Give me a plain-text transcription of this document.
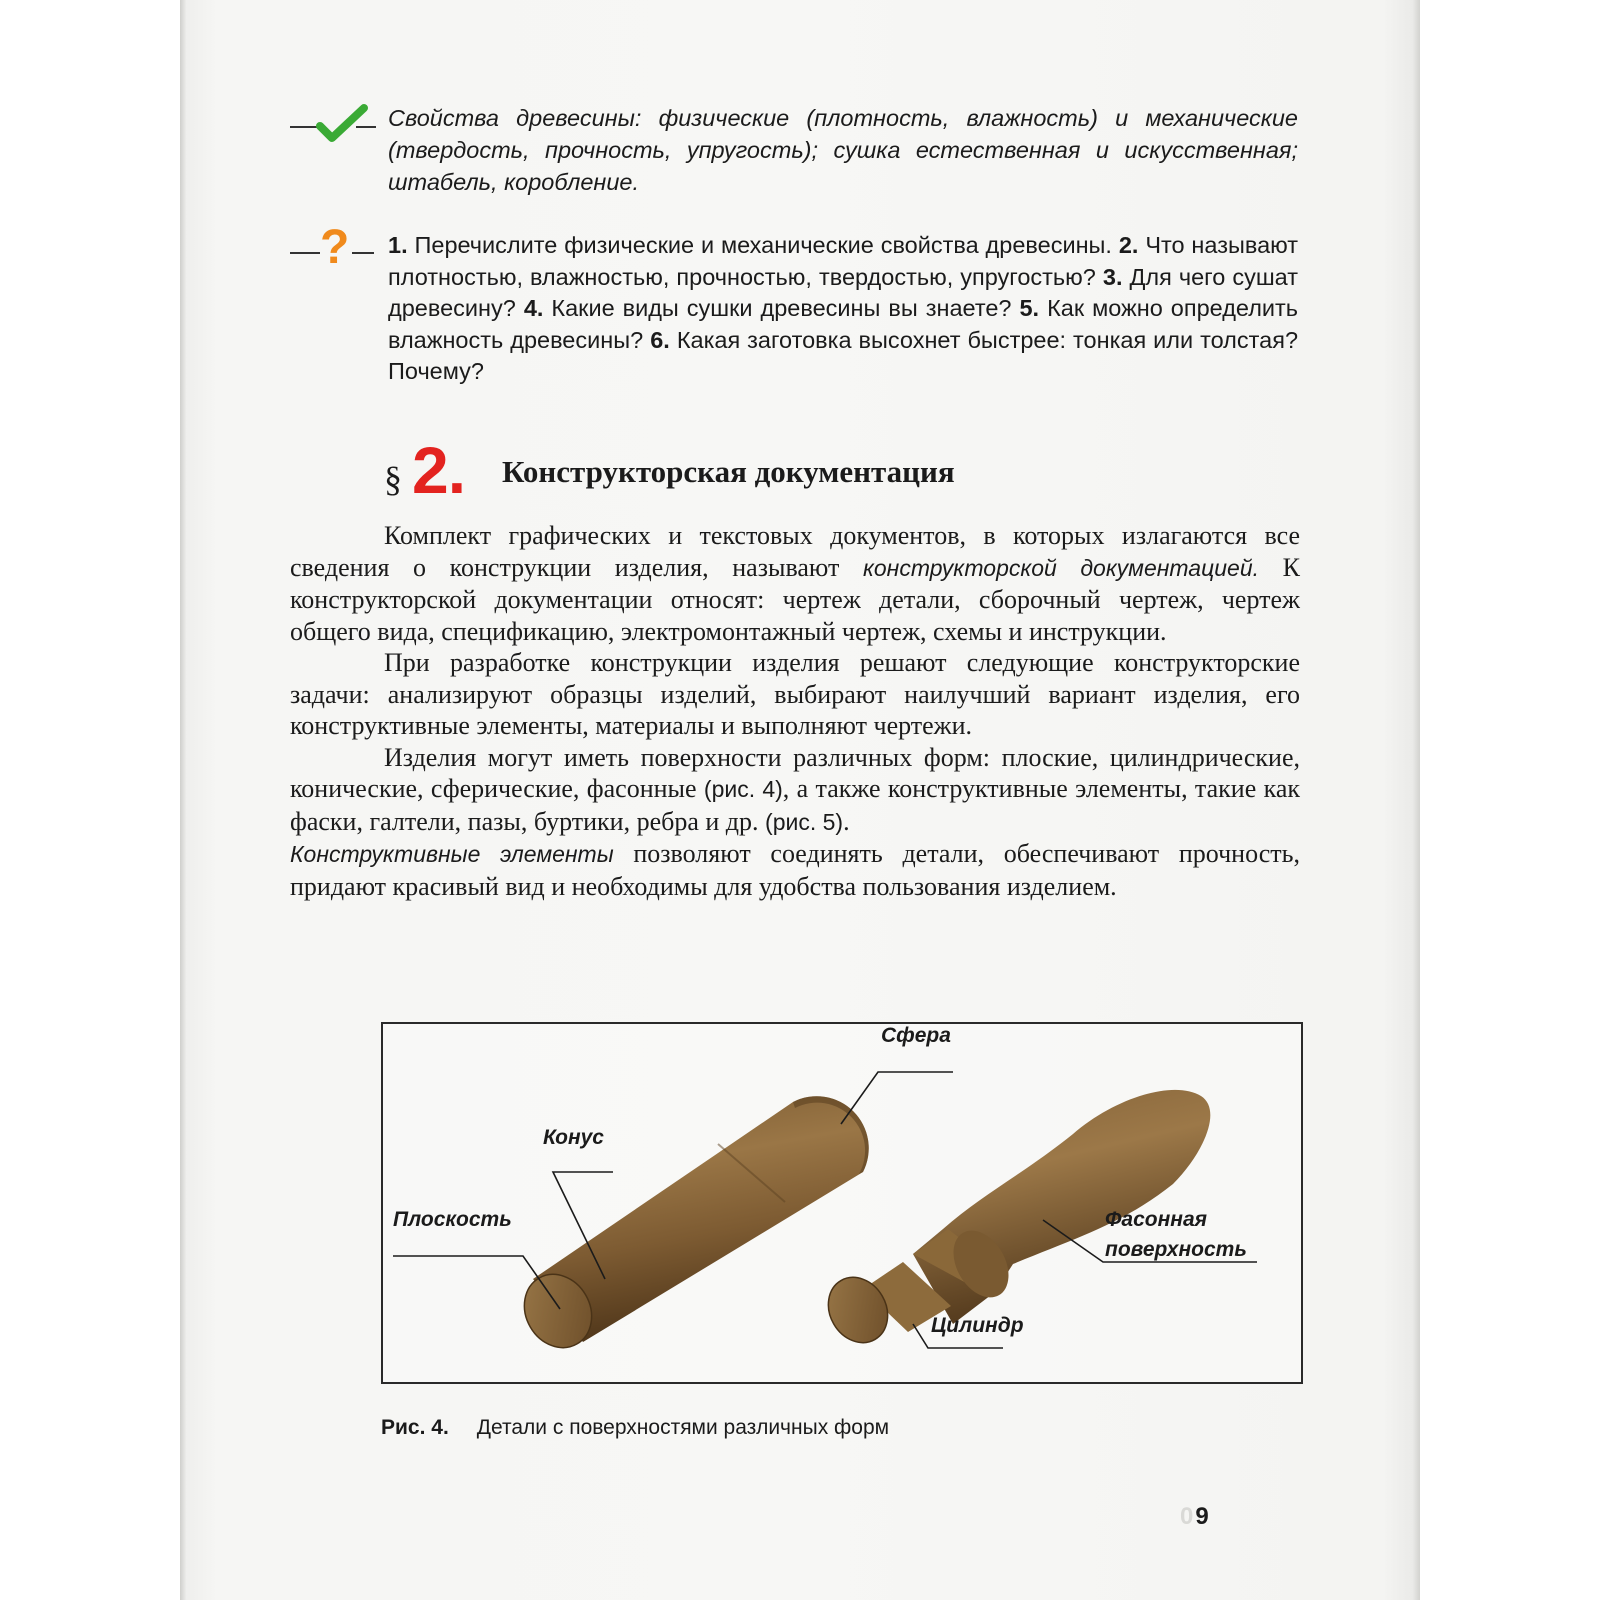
Свойства древесины: физические (плотность, влажность) и механические (твердость, прочность, упругость); сушка естественная и искусственная; штабель, коробление.
? 1. Перечислите физические и механические свойства древесины. 2. Что называют плотностью, влажностью, прочностью, твердостью, упругостью? 3. Для чего сушат древесину? 4. Какие виды сушки древесины вы знаете? 5. Как можно определить влажность древесины? 6. Какая заготовка высохнет быстрее: тонкая или толстая? Почему?
§ 2. Конструкторская документация

Комплект графических и текстовых документов, в которых излагаются все сведения о конструкции изделия, называют конструкторской документацией. К конструкторской документации относят: чертеж детали, сборочный чертеж, чертеж общего вида, спецификацию, электромонтажный чертеж, схемы и инструкции.

При разработке конструкции изделия решают следующие конструкторские задачи: анализируют образцы изделий, выбирают наилучший вариант изделия, его конструктивные элементы, материалы и выполняют чертежи.

Изделия могут иметь поверхности различных форм: плоские, цилиндрические, конические, сферические, фасонные (рис. 4), а также конструктивные элементы, такие как фаски, галтели, пазы, буртики, ребра и др. (рис. 5).

Конструктивные элементы позволяют соединять детали, обеспечивают прочность, придают красивый вид и необходимы для удобства пользования изделием.

Сфера
Конус
Плоскость	Фасонная
поверхность
Цилиндр
Рис. 4. Детали с поверхностями различных форм
09
